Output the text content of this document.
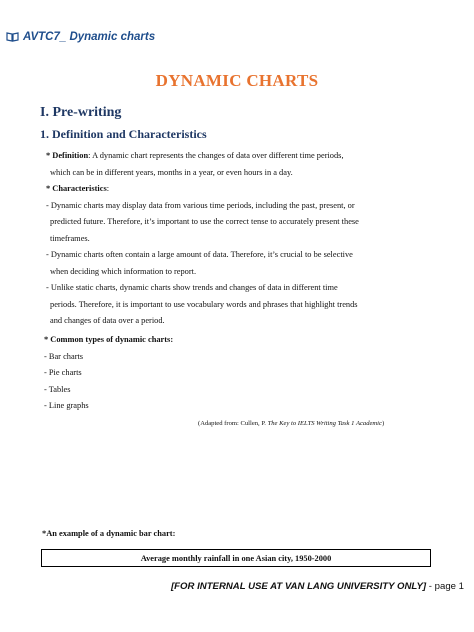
AVTC7_ Dynamic charts
DYNAMIC CHARTS
I. Pre-writing
1. Definition and Characteristics

* Definition: A dynamic chart represents the changes of data over different time periods,

which can be in different years, months in a year, or even hours in a day.

* Characteristics:

- Dynamic charts may display data from various time periods, including the past, present, or

predicted future. Therefore, it’s important to use the correct tense to accurately present these

timeframes.

- Dynamic charts often contain a large amount of data. Therefore, it’s crucial to be selective

when deciding which information to report.

- Unlike static charts, dynamic charts show trends and changes of data in different time

periods. Therefore, it is important to use vocabulary words and phrases that highlight trends

and changes of data over a period.

* Common types of dynamic charts:

- Bar charts

- Pie charts

- Tables

- Line graphs

(Adapted from: Cullen, P. The Key to IELTS Writing Task 1 Academic)
*An example of a dynamic bar chart:
Average monthly rainfall in one Asian city, 1950-2000
[FOR INTERNAL USE AT VAN LANG UNIVERSITY ONLY] - page 1
